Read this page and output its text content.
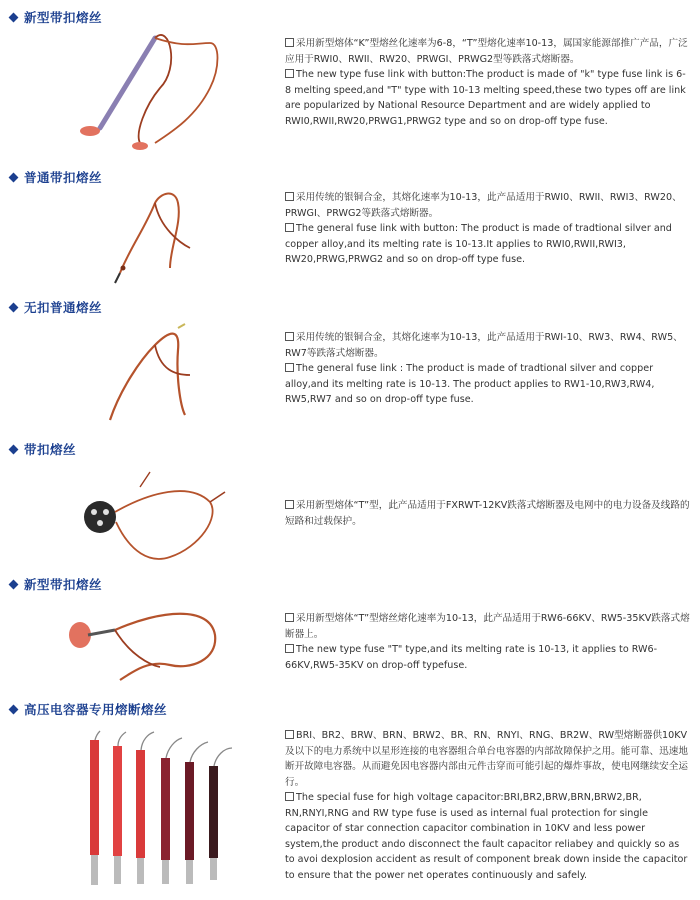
新型带扣熔丝

采用新型熔体“K”型熔丝化速率为6-8，“T”型熔化速率10-13，属国家能源部推广产品，广泛应用于RWI0、RWII、RW20、PRWGI、PRWG2型等跌落式熔断器。

The new type fuse link with button:The product is made of "k" type fuse link is 6-8 melting speed,and "T" type with 10-13 melting speed,these two types off are link are popularized by National Resource Department and are widely applied to RWI0,RWII,RW20,PRWG1,PRWG2 type and so on drop-off type fuse.

普通带扣熔丝

采用传统的银铜合金，其熔化速率为10-13，此产品适用于RWI0、RWII、RWI3、RW20、PRWGI、PRWG2等跌落式熔断器。

The general fuse link with button: The product is made of tradtional silver and copper alloy,and its melting rate is 10-13.It applies to RWI0,RWII,RWI3, RW20,PRWG,PRWG2 and so on drop-off type fuse.

无扣普通熔丝

采用传统的银铜合金，其熔化速率为10-13，此产品适用于RWI-10、RW3、RW4、RW5、RW7等跌落式熔断器。

The general fuse link : The product is made of tradtional silver and copper alloy,and its melting rate is 10-13. The product applies to RW1-10,RW3,RW4, RW5,RW7 and so on drop-off type fuse.

带扣熔丝

采用新型熔体“T”型，此产品适用于FXRWT-12KV跌落式熔断器及电网中的电力设备及线路的短路和过载保护。

新型带扣熔丝

采用新型熔体“T”型熔丝熔化速率为10-13，此产品适用于RW6-66KV、RW5-35KV跌落式熔断器上。

The new type fuse "T" type,and its melting rate is 10-13, it applies to RW6-66KV,RW5-35KV on drop-off typefuse.

高压电容器专用熔断熔丝

BRI、BR2、BRW、BRN、BRW2、BR、RN、RNYI、RNG、BR2W、RW型熔断器供10KV及以下的电力系统中以星形连接的电容器组合单台电容器的内部故障保护之用。能可靠、迅速地断开故障电容器。从而避免因电容器内部由元件击穿而可能引起的爆炸事故，使电网继续安全运行。

The special fuse for high voltage capacitor:BRI,BR2,BRW,BRN,BRW2,BR, RN,RNYI,RNG and RW type fuse is used as internal fual protection for single capacitor of star connection capacitor combination in 10KV and less power system,the product ando disconnect the fault capacitor reliabey and quickly so as to avoi dexplosion accident as result of component break down inside the capacitor to ensure that the power net operates continuously and safely.
